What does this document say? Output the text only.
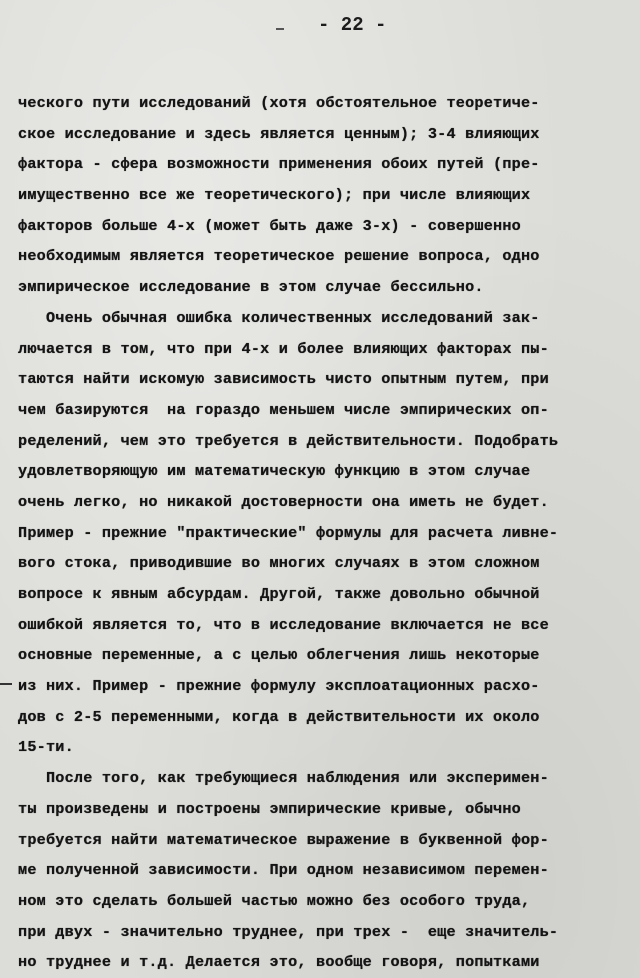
- 22 -
ческого пути исследований (хотя обстоятельное теоретиче-
ское исследование и здесь является ценным); 3-4 влияющих
фактора - сфера возможности применения обоих путей (пре-
имущественно все же теоретического); при числе влияющих
факторов больше 4-х (может быть даже 3-х) - совершенно
необходимым является теоретическое решение вопроса, одно
эмпирическое исследование в этом случае бессильно.
Очень обычная ошибка количественных исследований зак-
лючается в том, что при 4-х и более влияющих факторах пы-
таются найти искомую зависимость чисто опытным путем, при
чем базируются  на гораздо меньшем числе эмпирических оп-
ределений, чем это требуется в действительности. Подобрать
удовлетворяющую им математическую функцию в этом случае
очень легко, но никакой достоверности она иметь не будет.
Пример - прежние "практические" формулы для расчета ливне-
вого стока, приводившие во многих случаях в этом сложном
вопросе к явным абсурдам. Другой, также довольно обычной
ошибкой является то, что в исследование включается не все
основные переменные, а с целью облегчения лишь некоторые
из них. Пример - прежние формулу эксплоатационных расхо-
дов с 2-5 переменными, когда в действительности их около
15-ти.
После того, как требующиеся наблюдения или эксперимен-
ты произведены и построены эмпирические кривые, обычно
требуется найти математическое выражение в буквенной фор-
ме полученной зависимости. При одном независимом перемен-
ном это сделать большей частью можно без особого труда,
при двух - значительно труднее, при трех -  еще значитель-
но труднее и т.д. Делается это, вообще говоря, попытками
